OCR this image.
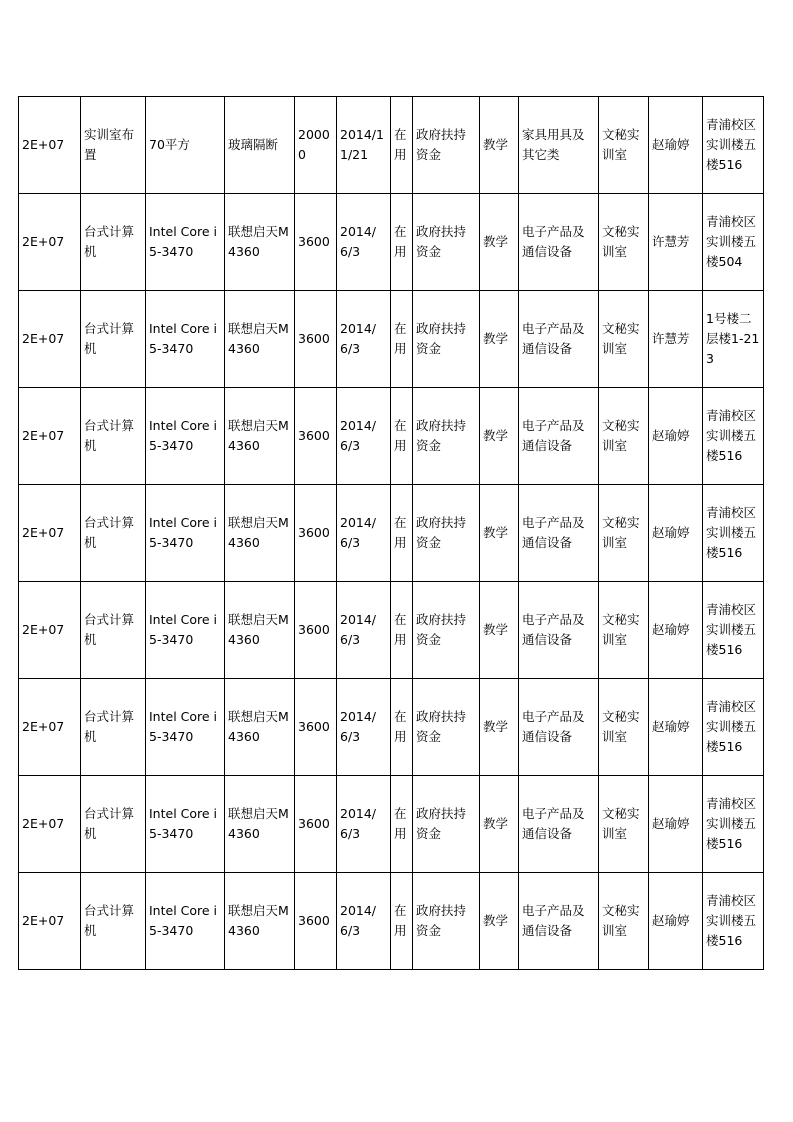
2E+07	实训室布置	70平方	玻璃隔断	20000	2014/11/21	在用	政府扶持资金	教学	家具用具及其它类	文秘实训室	赵瑜婷	青浦校区实训楼五楼516
2E+07	台式计算机	Intel Core i5-3470	联想启天M4360	3600	2014/6/3	在用	政府扶持资金	教学	电子产品及通信设备	文秘实训室	许慧芳	青浦校区实训楼五楼504
2E+07	台式计算机	Intel Core i5-3470	联想启天M4360	3600	2014/6/3	在用	政府扶持资金	教学	电子产品及通信设备	文秘实训室	许慧芳	1号楼二层楼1-213
2E+07	台式计算机	Intel Core i5-3470	联想启天M4360	3600	2014/6/3	在用	政府扶持资金	教学	电子产品及通信设备	文秘实训室	赵瑜婷	青浦校区实训楼五楼516
2E+07	台式计算机	Intel Core i5-3470	联想启天M4360	3600	2014/6/3	在用	政府扶持资金	教学	电子产品及通信设备	文秘实训室	赵瑜婷	青浦校区实训楼五楼516
2E+07	台式计算机	Intel Core i5-3470	联想启天M4360	3600	2014/6/3	在用	政府扶持资金	教学	电子产品及通信设备	文秘实训室	赵瑜婷	青浦校区实训楼五楼516
2E+07	台式计算机	Intel Core i5-3470	联想启天M4360	3600	2014/6/3	在用	政府扶持资金	教学	电子产品及通信设备	文秘实训室	赵瑜婷	青浦校区实训楼五楼516
2E+07	台式计算机	Intel Core i5-3470	联想启天M4360	3600	2014/6/3	在用	政府扶持资金	教学	电子产品及通信设备	文秘实训室	赵瑜婷	青浦校区实训楼五楼516
2E+07	台式计算机	Intel Core i5-3470	联想启天M4360	3600	2014/6/3	在用	政府扶持资金	教学	电子产品及通信设备	文秘实训室	赵瑜婷	青浦校区实训楼五楼516
